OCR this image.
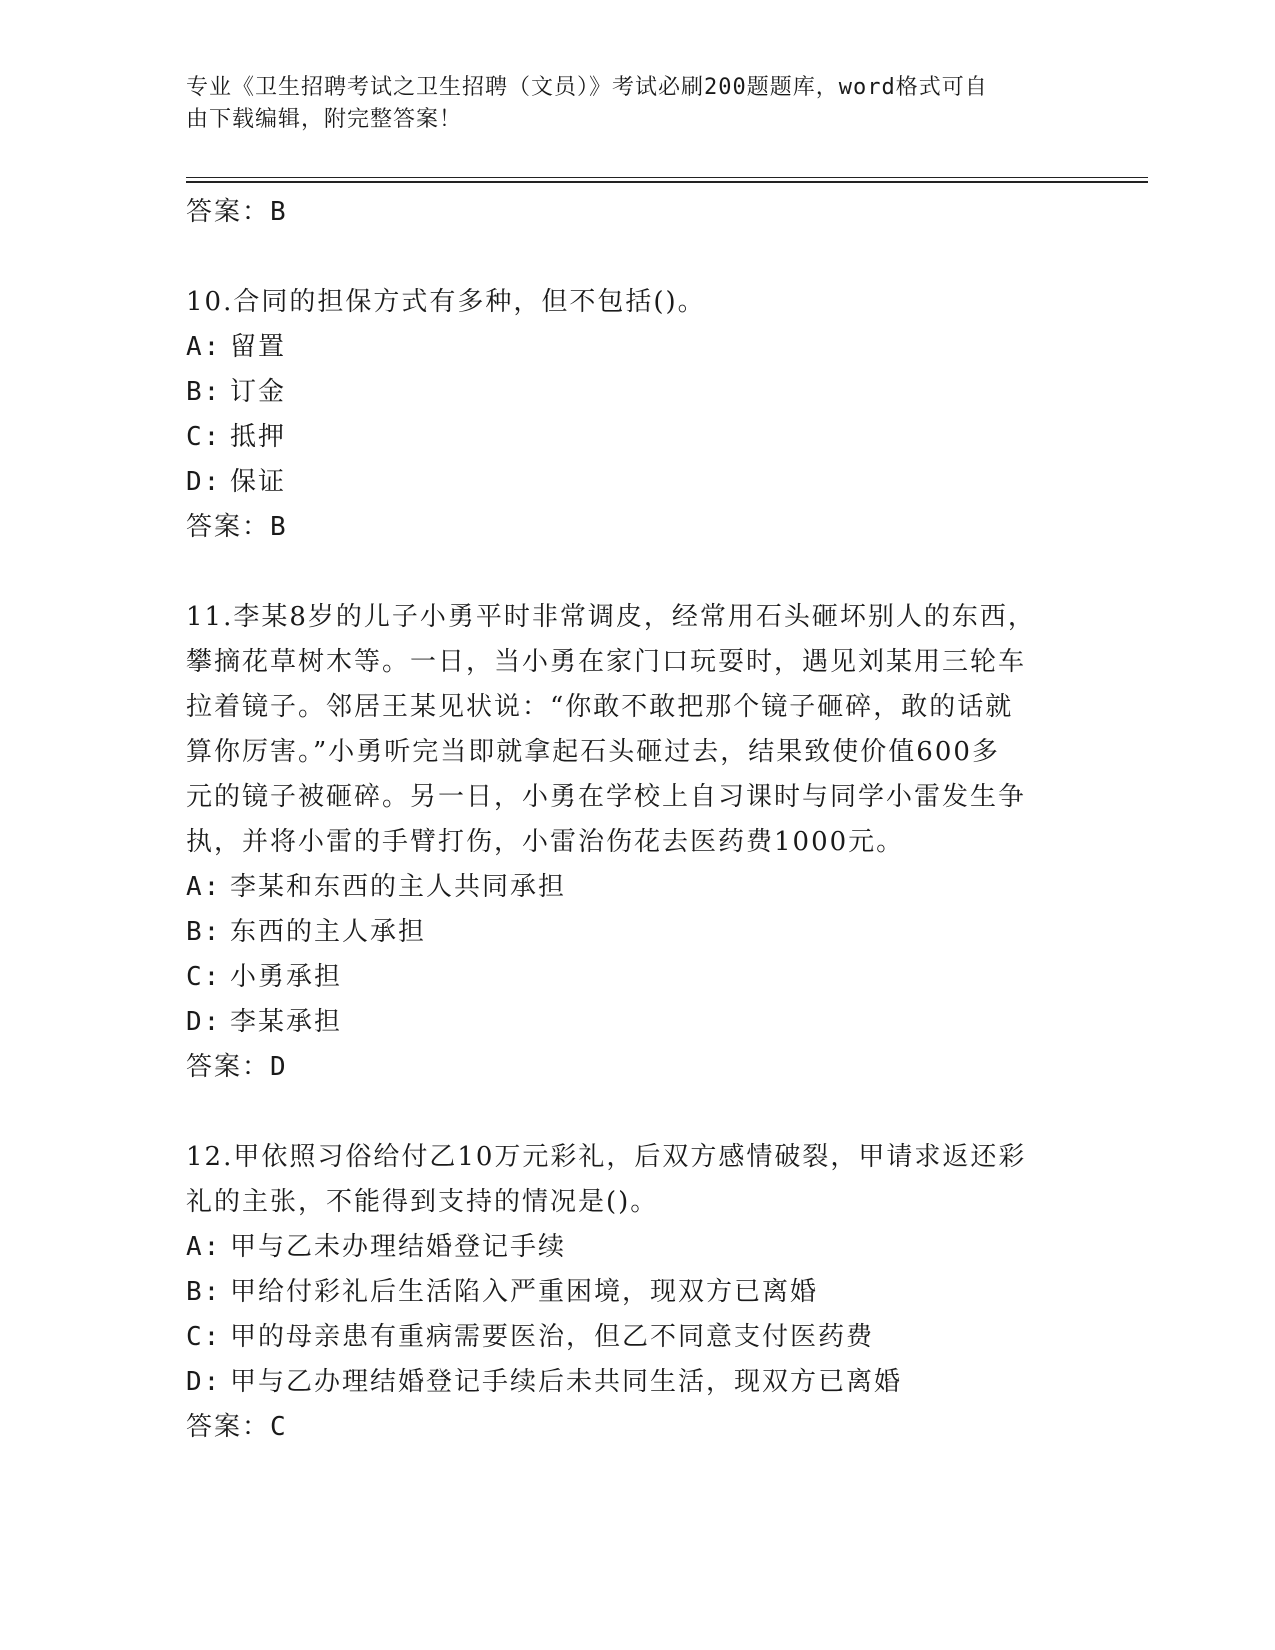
专业《卫生招聘考试之卫生招聘（文员）》考试必刷200题题库，word格式可自
由下载编辑，附完整答案！
答案：B
10.合同的担保方式有多种，但不包括()。
A: 留置
B: 订金
C: 抵押
D: 保证
答案：B
11.李某8岁的儿子小勇平时非常调皮，经常用石头砸坏别人的东西，
攀摘花草树木等。一日，当小勇在家门口玩耍时，遇见刘某用三轮车
拉着镜子。邻居王某见状说：“你敢不敢把那个镜子砸碎，敢的话就
算你厉害。”小勇听完当即就拿起石头砸过去，结果致使价值600多
元的镜子被砸碎。另一日，小勇在学校上自习课时与同学小雷发生争
执，并将小雷的手臂打伤，小雷治伤花去医药费1000元。
A: 李某和东西的主人共同承担
B: 东西的主人承担
C: 小勇承担
D: 李某承担
答案：D
12.甲依照习俗给付乙10万元彩礼，后双方感情破裂，甲请求返还彩
礼的主张，不能得到支持的情况是()。
A: 甲与乙未办理结婚登记手续
B: 甲给付彩礼后生活陷入严重困境，现双方已离婚
C: 甲的母亲患有重病需要医治，但乙不同意支付医药费
D: 甲与乙办理结婚登记手续后未共同生活，现双方已离婚
答案：C
